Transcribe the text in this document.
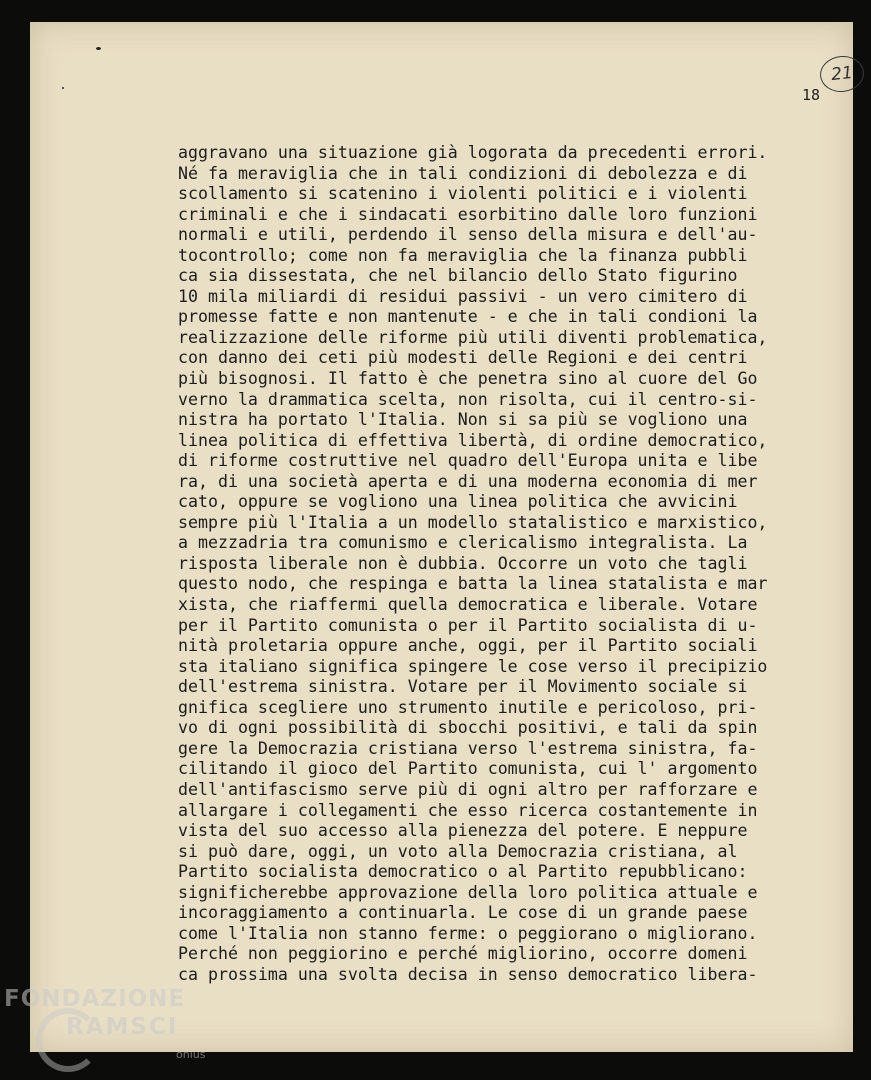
21
18
aggravano una situazione già logorata da precedenti errori.
Né fa meraviglia che in tali condizioni di debolezza e di
scollamento si scatenino i violenti politici e i violenti
criminali e che i sindacati esorbitino dalle loro funzioni
normali e utili, perdendo il senso della misura e dell'au-
tocontrollo; come non fa meraviglia che la finanza pubbli
ca sia dissestata, che nel bilancio dello Stato figurino
10 mila miliardi di residui passivi - un vero cimitero di
promesse fatte e non mantenute - e che in tali condioni la
realizzazione delle riforme più utili diventi problematica,
con danno dei ceti più modesti delle Regioni e dei centri
più bisognosi. Il fatto è che penetra sino al cuore del Go
verno la drammatica scelta, non risolta, cui il centro-si-
nistra ha portato l'Italia. Non si sa più se vogliono una
linea politica di effettiva libertà, di ordine democratico,
di riforme costruttive nel quadro dell'Europa unita e libe
ra, di una società aperta e di una moderna economia di mer
cato, oppure se vogliono una linea politica che avvicini
sempre più l'Italia a un modello statalistico e marxistico,
a mezzadria tra comunismo e clericalismo integralista. La
risposta liberale non è dubbia. Occorre un voto che tagli
questo nodo, che respinga e batta la linea statalista e mar
xista, che riaffermi quella democratica e liberale. Votare
per il Partito comunista o per il Partito socialista di u-
nità proletaria oppure anche, oggi, per il Partito sociali
sta italiano significa spingere le cose verso il precipizio
dell'estrema sinistra. Votare per il Movimento sociale si
gnifica scegliere uno strumento inutile e pericoloso, pri-
vo di ogni possibilità di sbocchi positivi, e tali da spin
gere la Democrazia cristiana verso l'estrema sinistra, fa-
cilitando il gioco del Partito comunista, cui l' argomento
dell'antifascismo serve più di ogni altro per rafforzare e
allargare i collegamenti che esso ricerca costantemente in
vista del suo accesso alla pienezza del potere. E neppure
si può dare, oggi, un voto alla Democrazia cristiana, al
Partito socialista democratico o al Partito repubblicano:
significherebbe approvazione della loro politica attuale e
incoraggiamento a continuarla. Le cose di un grande paese
come l'Italia non stanno ferme: o peggiorano o migliorano.
Perché non peggiorino e perché migliorino, occorre domeni
ca prossima una svolta decisa in senso democratico libera-
FONDAZIONE
RAMSCI
onlus
